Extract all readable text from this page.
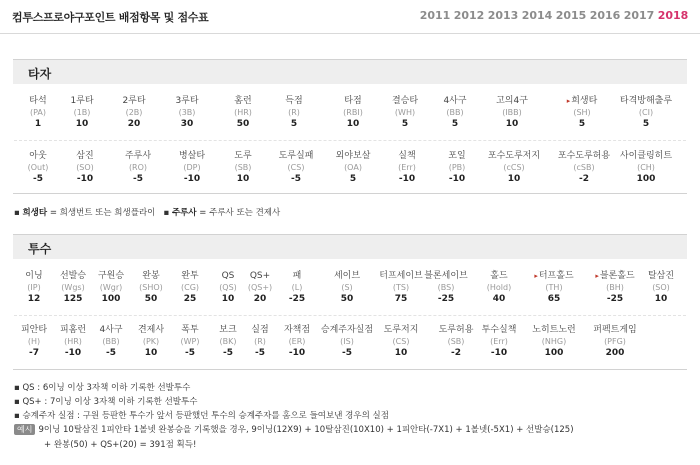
컴투스프로야구포인트 배점항목 및 점수표	2011 2012 2013 2014 2015 2016 2017 2018
타자
타석
(PA)
1
1루타
(1B)
10
2루타
(2B)
20
3루타
(3B)
30
홈런
(HR)
50
득점
(R)
5
타점
(RBI)
10
결승타
(WH)
5
4사구
(BB)
5
고의4구
(IBB)
10
▸ 희생타
(SH)
5
타격방해출루
(CI)
5
아웃
(Out)
-5
삼진
(SO)
-10
주루사
(RO)
-5
병살타
(DP)
-10
도루
(SB)
10
도루실패
(CS)
-5
외야보살
(OA)
5
실책
(Err)
-10
포일
(PB)
-10
포수도루저지
(cCS)
10
포수도루허용
(cSB)
-2
사이클링히트
(CH)
100
▪ 희생타 = 희생번트 또는 희생플라이   ▪ 주루사 = 주루사 또는 견제사
투수
이닝
(IP)
12
선발승
(Wgs)
125
구원승
(Wgr)
100
완봉
(SHO)
50
완투
(CG)
25
QS
(QS)
10
QS+
(QS+)
20
패
(L)
-25
세이브
(S)
50
터프세이브
(TS)
75
블론세이브
(BS)
-25
홀드
(Hold)
40
▸ 터프홀드
(TH)
65
▸ 블론홀드
(BH)
-25
탈삼진
(SO)
10
피안타
(H)
-7
피홈런
(HR)
-10
4사구
(BB)
-5
견제사
(PK)
10
폭투
(WP)
-5
보크
(BK)
-5
실점
(R)
-5
자책점
(ER)
-10
승계주자실점
(IS)
-5
도루저지
(CS)
10
도루허용
(SB)
-2
투수실책
(Err)
-10
노히트노런
(NHG)
100
퍼펙트게임
(PFG)
200
▪ QS : 6이닝 이상 3자책 이하 기록한 선발투수
▪ QS+ : 7이닝 이상 3자책 이하 기록한 선발투수
▪ 승계주자 실점 : 구원 등판한 투수가 앞서 등판했던 투수의 승계주자를 홈으로 들여보낸 경우의 실점
예시 9이닝 10탈삼진 1피안타 1볼넷 완봉승을 기록했을 경우, 9이닝(12X9) + 10탈삼진(10X10) + 1피안타(-7X1) + 1볼넷(-5X1) + 선발승(125)
+ 완봉(50) + QS+(20) = 391점 획득!
